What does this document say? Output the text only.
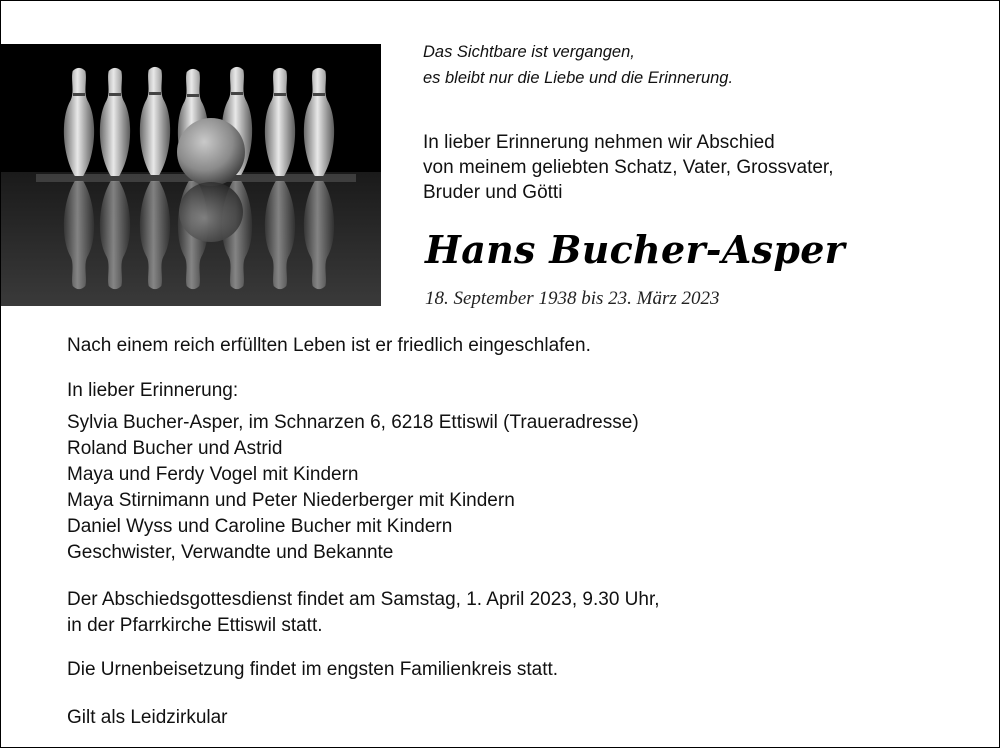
Das Sichtbare ist vergangen,
es bleibt nur die Liebe und die Erinnerung.

In lieber Erinnerung nehmen wir Abschied
von meinem geliebten Schatz, Vater, Grossvater,
Bruder und Götti

Hans Bucher-Asper

18. September 1938 bis 23. März 2023

Nach einem reich erfüllten Leben ist er friedlich eingeschlafen.

In lieber Erinnerung:

Sylvia Bucher-Asper, im Schnarzen 6, 6218 Ettiswil (Traueradresse)
Roland Bucher und Astrid
Maya und Ferdy Vogel mit Kindern
Maya Stirnimann und Peter Niederberger mit Kindern
Daniel Wyss und Caroline Bucher mit Kindern
Geschwister, Verwandte und Bekannte

Der Abschiedsgottesdienst findet am Samstag, 1. April 2023, 9.30 Uhr,
in der Pfarrkirche Ettiswil statt.

Die Urnenbeisetzung findet im engsten Familienkreis statt.

Gilt als Leidzirkular
